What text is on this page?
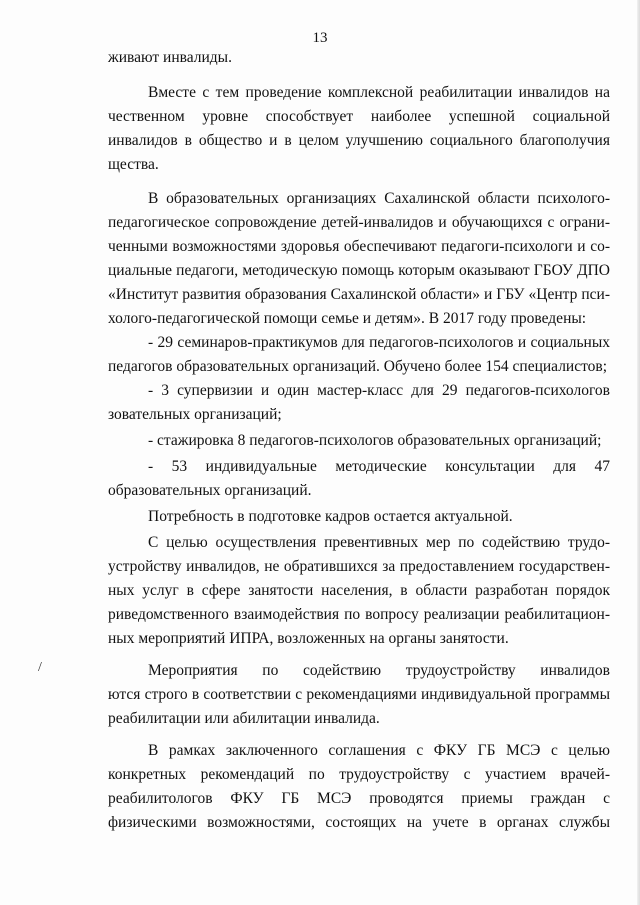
13
/
живают инвалиды.
Вместе с тем проведение комплексной реабилитации инвалидов на
чественном уровне способствует наиболее успешной социальной
инвалидов в общество и в целом улучшению социального благополучия
щества.
В образовательных организациях Сахалинской области психолого-
педагогическое сопровождение детей-инвалидов и обучающихся с ограни-
ченными возможностями здоровья обеспечивают педагоги-психологи и со-
циальные педагоги, методическую помощь которым оказывают ГБОУ ДПО
«Институт развития образования Сахалинской области» и ГБУ «Центр пси-
холого-педагогической помощи семье и детям». В 2017 году проведены:
- 29 семинаров-практикумов для педагогов-психологов и социальных
педагогов образовательных организаций. Обучено более 154 специалистов;
- 3 супервизии и один мастер-класс для 29 педагогов-психологов
зовательных организаций;
- стажировка 8 педагогов-психологов образовательных организаций;
- 53 индивидуальные методические консультации для 47
образовательных организаций.
Потребность в подготовке кадров остается актуальной.
С целью осуществления превентивных мер по содействию трудо-
устройству инвалидов, не обратившихся за предоставлением государствен-
ных услуг в сфере занятости населения, в области разработан порядок
риведомственного взаимодействия по вопросу реализации реабилитацион-
ных мероприятий ИПРА, возложенных на органы занятости.
Мероприятия по содействию трудоустройству инвалидов
ются строго в соответствии с рекомендациями индивидуальной программы
реабилитации или абилитации инвалида.
В рамках заключенного соглашения с ФКУ ГБ МСЭ с целью
конкретных рекомендаций по трудоустройству с участием врачей-
реабилитологов ФКУ ГБ МСЭ проводятся приемы граждан с
физическими возможностями, состоящих на учете в органах службы
